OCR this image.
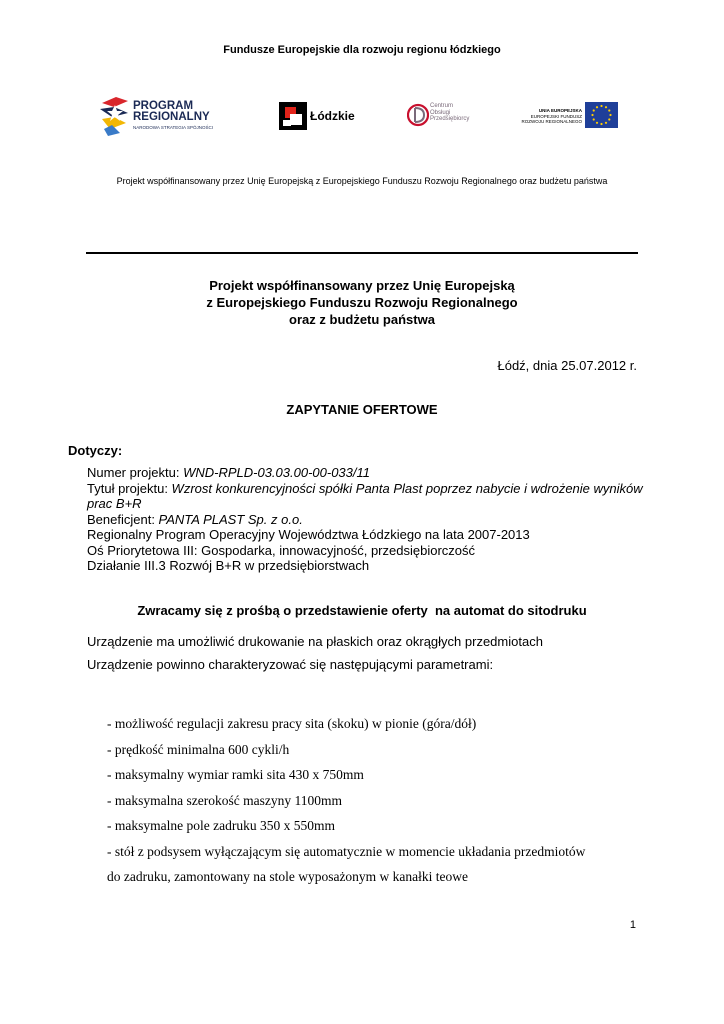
Fundusze Europejskie dla rozwoju regionu łódzkiego
PROGRAM
REGIONALNY
NARODOWA STRATEGIA SPÓJNOŚCI
Łódzkie
Centrum
Obsługi
Przedsiębiorcy
UNIA EUROPEJSKA
EUROPEJSKI FUNDUSZ
ROZWOJU REGIONALNEGO
Projekt współfinansowany przez Unię Europejską z Europejskiego Funduszu Rozwoju Regionalnego oraz budżetu państwa
Projekt współfinansowany przez Unię Europejską
z Europejskiego Funduszu Rozwoju Regionalnego
oraz z budżetu państwa
Łódź, dnia 25.07.2012 r.
ZAPYTANIE OFERTOWE
Dotyczy:
Numer projektu: WND-RPLD-03.03.00-00-033/11
Tytuł projektu: Wzrost konkurencyjności spółki Panta Plast poprzez nabycie i wdrożenie wyników prac B+R
Beneficjent: PANTA PLAST Sp. z o.o.
Regionalny Program Operacyjny Województwa Łódzkiego na lata 2007-2013
Oś Priorytetowa III: Gospodarka, innowacyjność, przedsiębiorczość
Działanie III.3 Rozwój B+R w przedsiębiorstwach
Zwracamy się z prośbą o przedstawienie oferty  na automat do sitodruku
Urządzenie ma umożliwić drukowanie na płaskich oraz okrągłych przedmiotach
Urządzenie powinno charakteryzować się następującymi parametrami:
- możliwość regulacji zakresu pracy sita (skoku) w pionie (góra/dół)
- prędkość minimalna 600 cykli/h
- maksymalny wymiar ramki sita 430 x 750mm
- maksymalna szerokość maszyny 1100mm
- maksymalne pole zadruku 350 x 550mm
- stół z podsysem wyłączającym się automatycznie w momencie układania przedmiotów
do zadruku, zamontowany na stole wyposażonym w kanałki teowe
1
